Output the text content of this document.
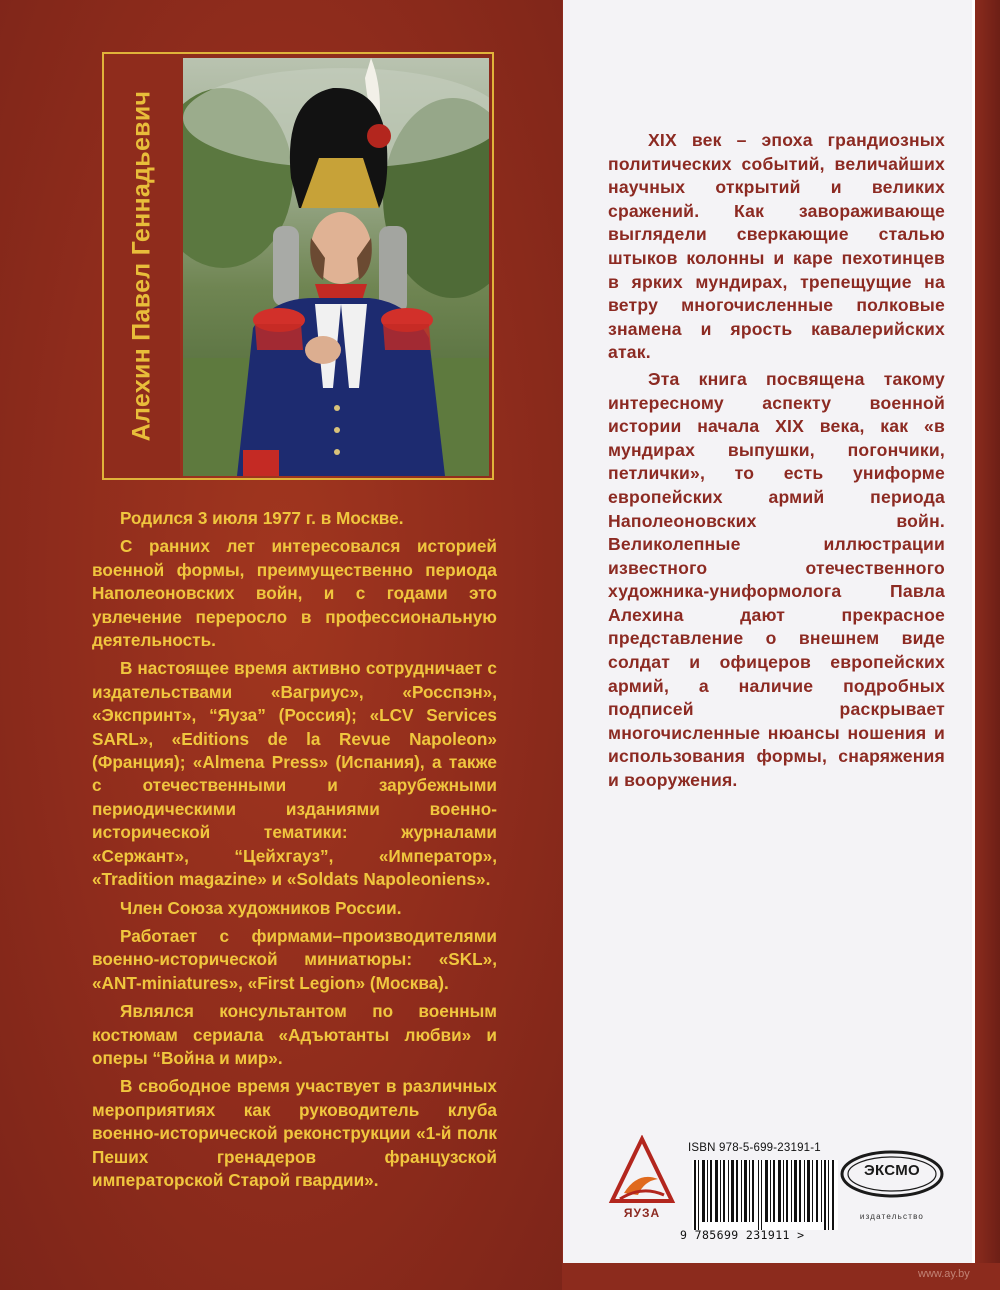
Алехин Павел Геннадьевич

Родился 3 июля 1977 г. в Москве.

С ранних лет интересовался историей военной формы, преимущественно периода Наполеоновских войн, и с годами это увлечение переросло в профессиональную деятельность.

В настоящее время активно сотрудничает с издательствами «Вагриус», «Росспэн», «Экспринт», “Яуза” (Россия); «LCV Services SARL», «Editions de la Revue Napoleon» (Франция); «Almena Press» (Испания), а также с отечественными и зарубежными периодическими изданиями военно-исторической тематики: журналами «Сержант», “Цейхгауз”, «Император», «Tradition magazine» и «Soldats Napoleoniens».

Член Союза художников России.

Работает с фирмами–производителями военно-исторической миниатюры: «SKL», «ANT-miniatures», «First Legion» (Москва).

Являлся консультантом по военным костюмам сериала «Адъютанты любви» и оперы “Война и мир».

В свободное время участвует в различных мероприятиях как руководитель клуба военно-исторической реконструкции «1-й полк Пеших гренадеров французской императорской Старой гвардии».

XIX век – эпоха грандиозных политических событий, величайших научных открытий и великих сражений. Как завораживающе выглядели сверкающие сталью штыков колонны и каре пехотинцев в ярких мундирах, трепещущие на ветру многочисленные полковые знамена и ярость кавалерийских атак.

Эта книга посвящена такому интересному аспекту военной истории начала XIX века, как «в мундирах выпушки, погончики, петлички», то есть униформе европейских армий периода Наполеоновских войн. Великолепные иллюстрации известного отечественного художника-униформолога Павла Алехина дают прекрасное представление о внешнем виде солдат и офицеров европейских армий, а наличие подробных подписей раскрывает многочисленные нюансы ношения и использования формы, снаряжения и вооружения.

ЯУЗА
ISBN 978-5-699-23191-1
9 785699 231911 >
ЭКСМО
издательство
www.ay.by
